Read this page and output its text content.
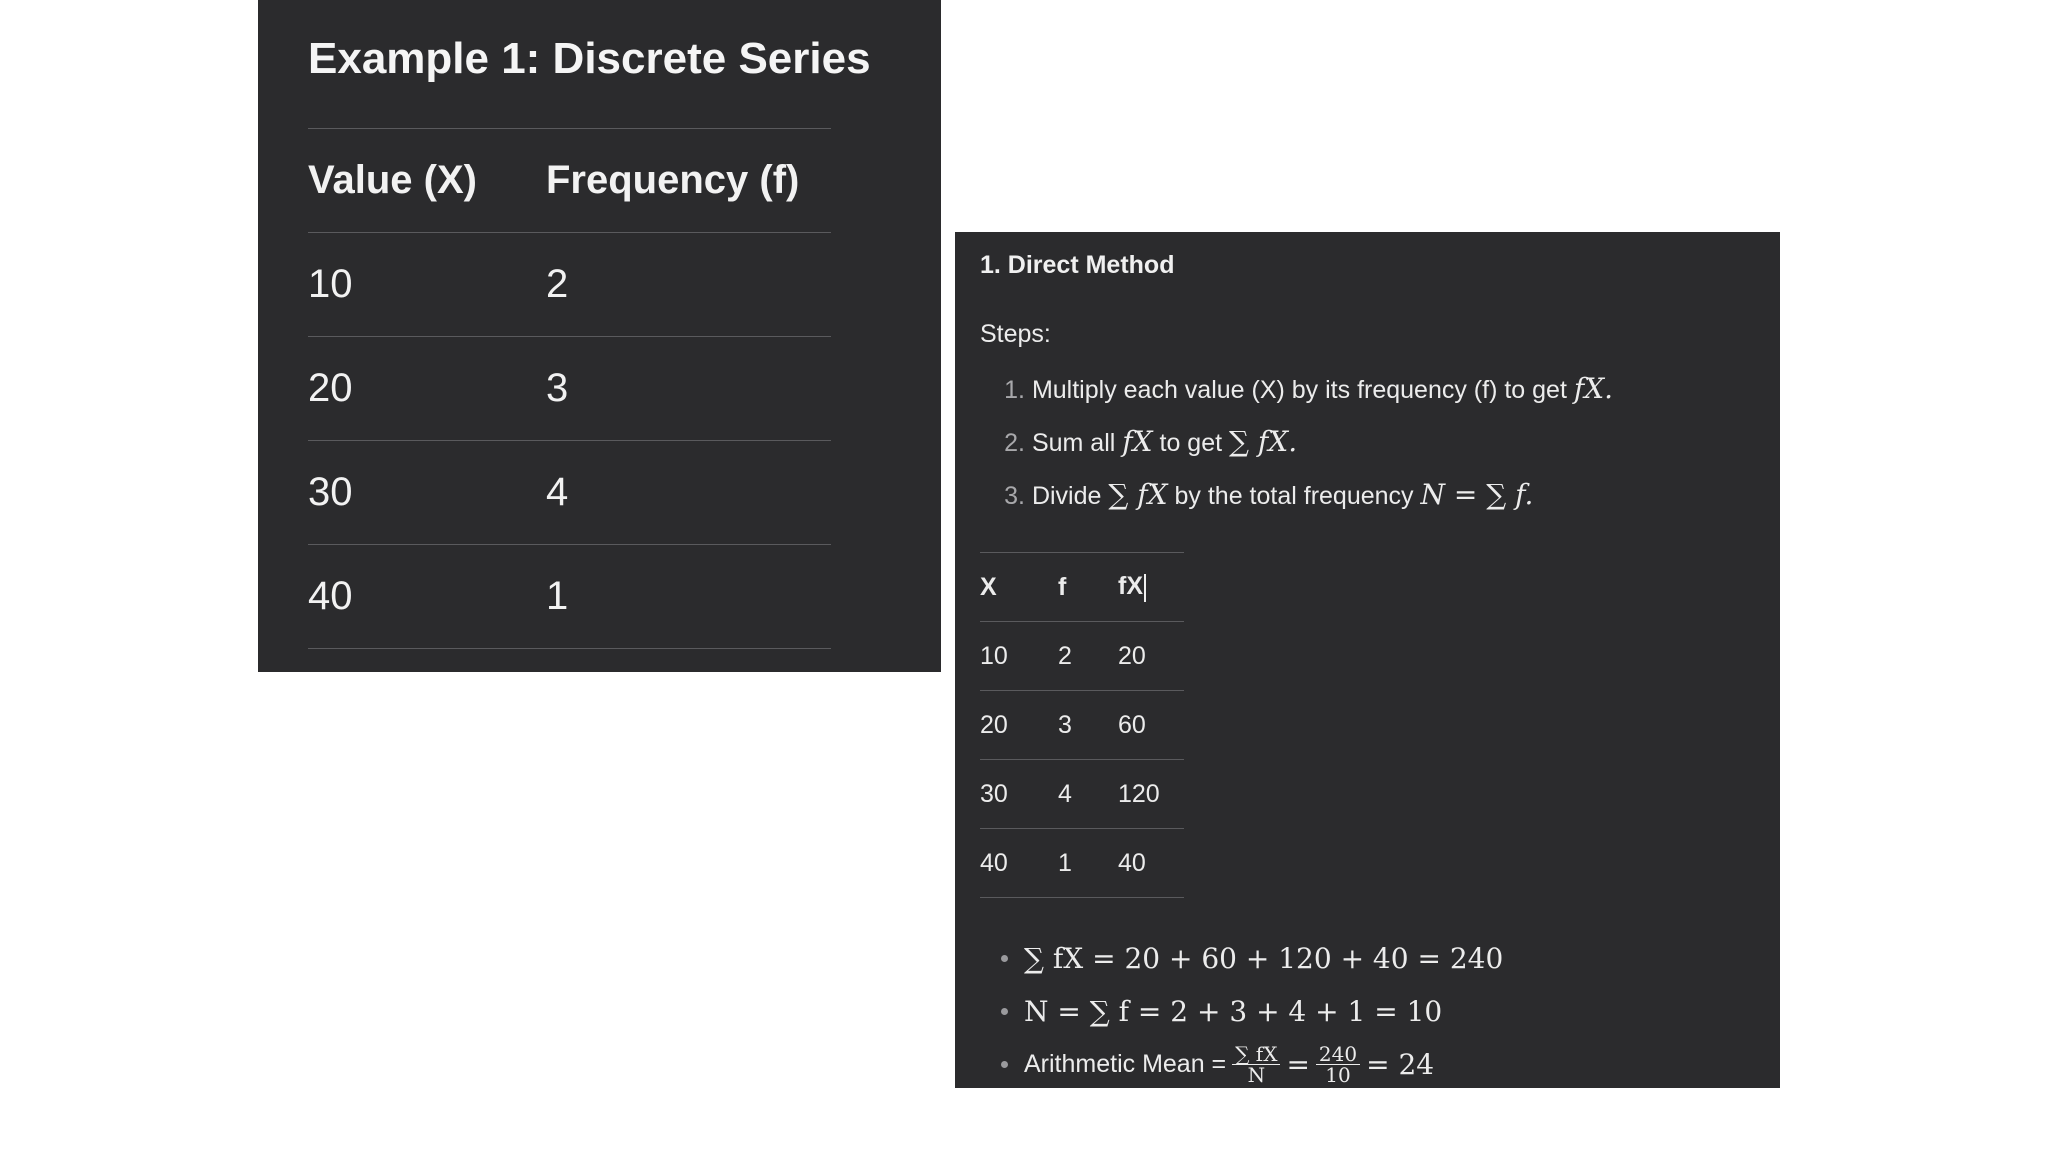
Example 1: Discrete Series
Value (X)	Frequency (f)
10	2
20	3
30	4
40	1
1. Direct Method
Steps:
1. Multiply each value (X) by its frequency (f) to get fX.
2. Sum all fX to get ∑ fX.
3. Divide ∑ fX by the total frequency N = ∑ f.
X	f	fX
10	2	20
20	3	60
30	4	120
40	1	40
∑ fX = 20 + 60 + 120 + 40 = 240
N = ∑ f = 2 + 3 + 4 + 1 = 10
Arithmetic Mean = $\frac{\sum fX}{N} = \frac{240}{10} = 24$
